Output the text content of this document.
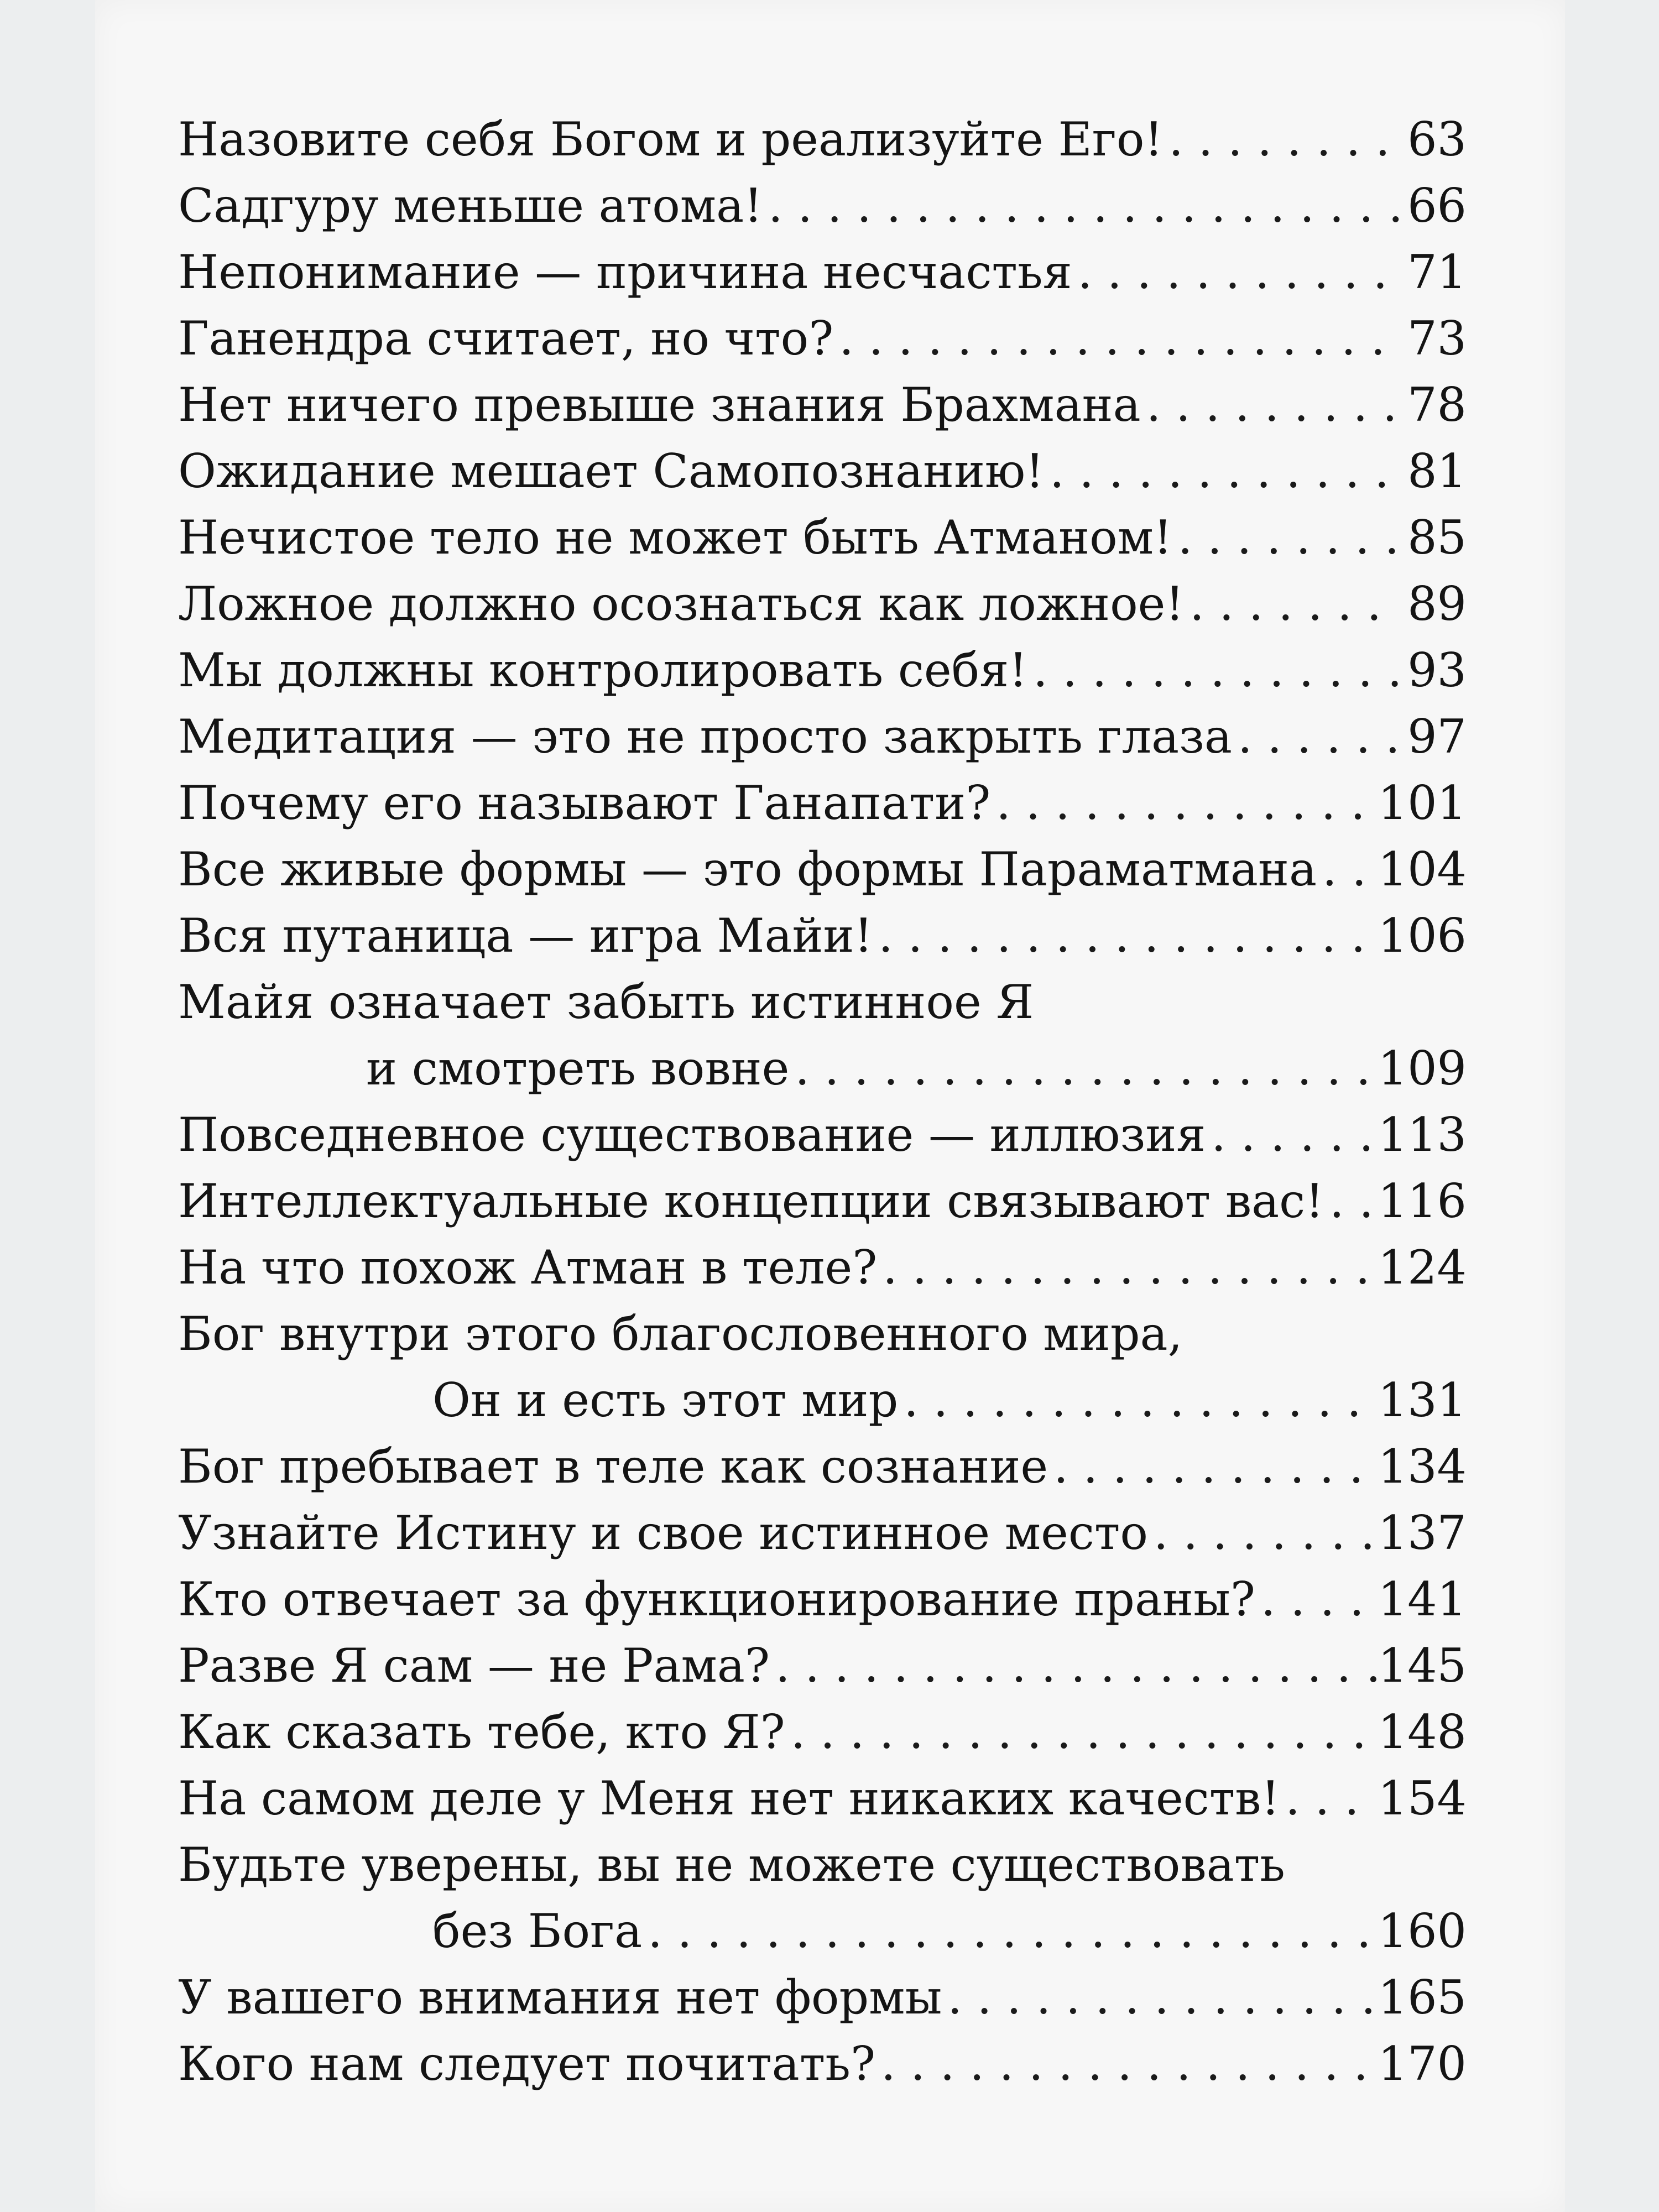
Назовите себя Богом и реализуйте Его! . . .	63
Садгуру меньше атома! . . .	66
Непонимание — причина несчастья . . .	71
Ганендра считает, но что? . . .	73
Нет ничего превыше знания Брахмана . . .	78
Ожидание мешает Самопознанию! . . .	81
Нечистое тело не может быть Атманом! . . .	85
Ложное должно осознаться как ложное! . . .	89
Мы должны контролировать себя! . . .	93
Медитация — это не просто закрыть глаза . . .	97
Почему его называют Ганапати? . . .	101
Все живые формы — это формы Параматмана . . . 104
Вся путаница — игра Майи! . . .	106
Майя означает забыть истинное Я
и смотреть вовне . . .	109
Повседневное существование — иллюзия . . .	113
Интеллектуальные концепции связывают вас! . . . 116
На что похож Атман в теле? . . .	124
Бог внутри этого благословенного мира,
Он и есть этот мир . . .	131
Бог пребывает в теле как сознание . . .	134
Узнайте Истину и свое истинное место . . .	137
Кто отвечает за функционирование праны? . . .	141
Разве Я сам — не Рама? . . .	145
Как сказать тебе, кто Я? . . .	148
На самом деле у Меня нет никаких качеств! . . . 154
Будьте уверены, вы не можете существовать
без Бога . . .	160
У вашего внимания нет формы . . .	165
Кого нам следует почитать? . . .	170
